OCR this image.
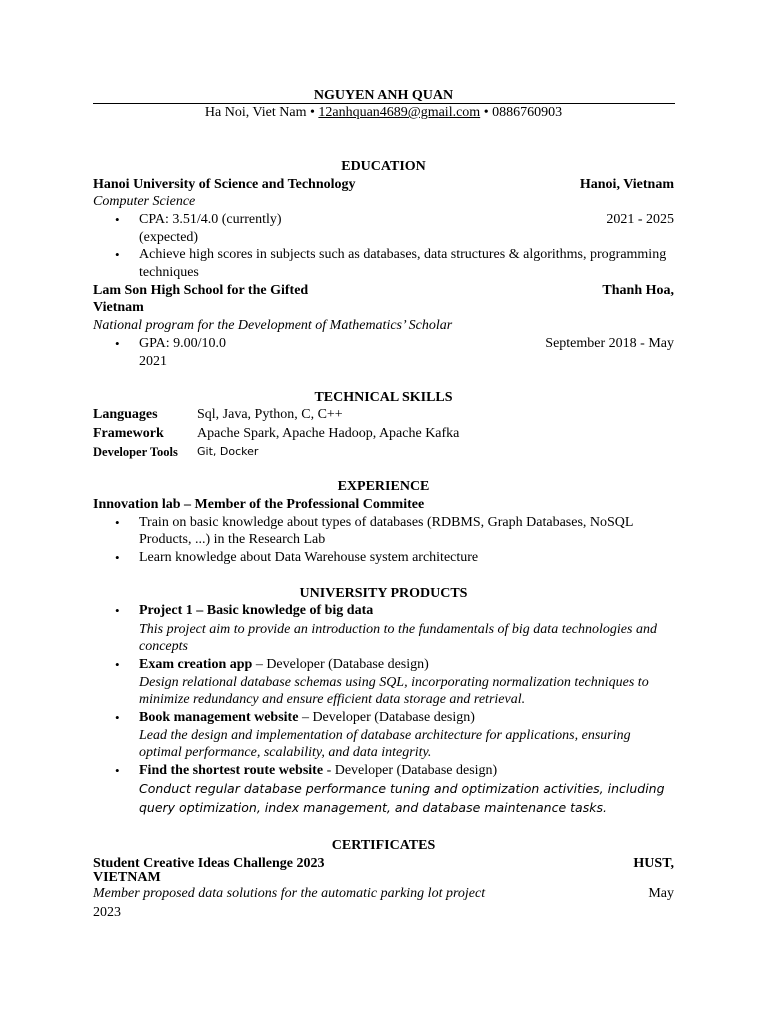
NGUYEN ANH QUAN
Ha Noi, Viet Nam • 12anhquan4689@gmail.com • 0886760903
EDUCATION
Hanoi University of Science and Technology	Hanoi, Vietnam
Computer Science
• CPA: 3.51/4.0 (currently)	2021 - 2025
(expected)
• Achieve high scores in subjects such as databases, data structures & algorithms, programming
techniques
Lam Son High School for the Gifted	Thanh Hoa,
Vietnam
National program for the Development of Mathematics’ Scholar
• GPA: 9.00/10.0	September 2018 - May
2021
TECHNICAL SKILLS
Languages	Sql, Java, Python, C, C++
Framework Apache Spark, Apache Hadoop, Apache Kafka
Developer Tools Git, Docker
EXPERIENCE
Innovation lab – Member of the Professional Commitee
• Train on basic knowledge about types of databases (RDBMS, Graph Databases, NoSQL
Products, ...) in the Research Lab
• Learn knowledge about Data Warehouse system architecture
UNIVERSITY PRODUCTS
• Project 1 – Basic knowledge of big data
This project aim to provide an introduction to the fundamentals of big data technologies and
concepts
• Exam creation app – Developer (Database design)
Design relational database schemas using SQL, incorporating normalization techniques to
minimize redundancy and ensure efficient data storage and retrieval.
• Book management website – Developer (Database design)
Lead the design and implementation of database architecture for applications, ensuring
optimal performance, scalability, and data integrity.
• Find the shortest route website - Developer (Database design)
Conduct regular database performance tuning and optimization activities, including
query optimization, index management, and database maintenance tasks.
CERTIFICATES
Student Creative Ideas Challenge 2023	HUST,
VIETNAM
Member proposed data solutions for the automatic parking lot project	May
2023
